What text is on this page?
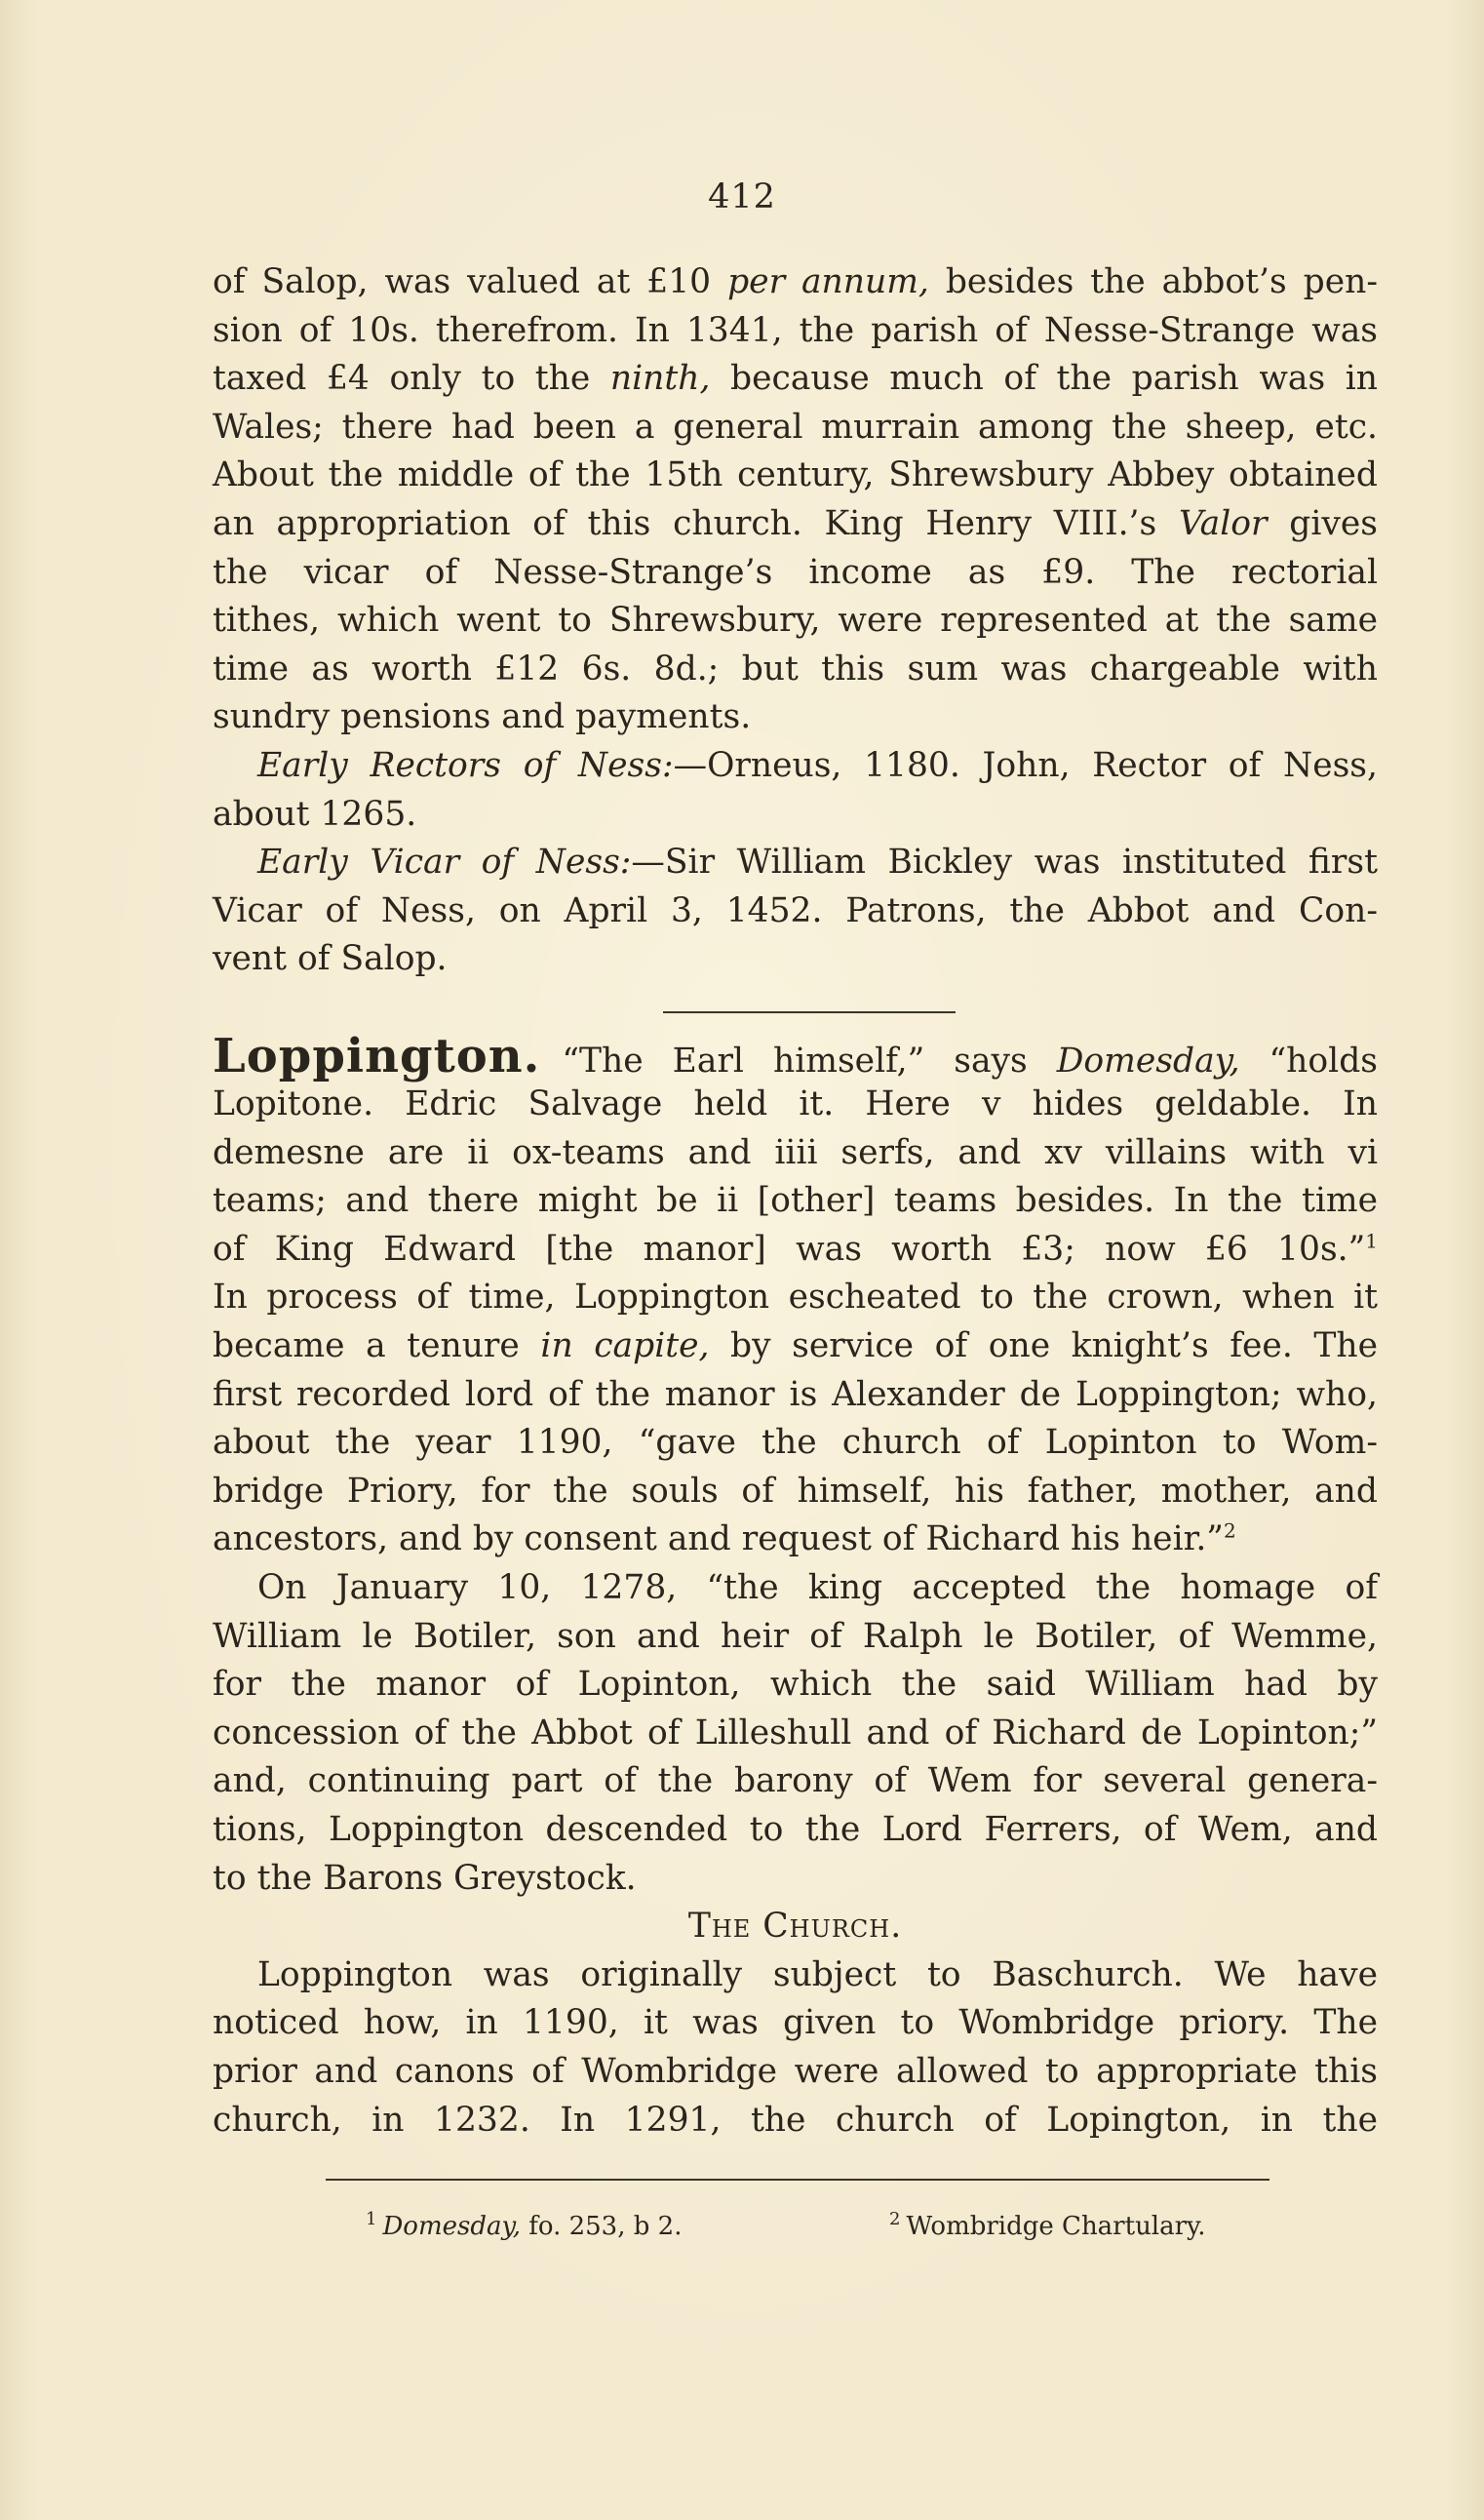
412
of Salop, was valued at £10 per annum, besides the abbot’s pen-
sion of 10s. therefrom. In 1341, the parish of Nesse-Strange was
taxed £4 only to the ninth, because much of the parish was in
Wales; there had been a general murrain among the sheep, etc.
About the middle of the 15th century, Shrewsbury Abbey obtained
an appropriation of this church. King Henry VIII.’s Valor gives
the vicar of Nesse-Strange’s income as £9. The rectorial
tithes, which went to Shrewsbury, were represented at the same
time as worth £12 6s. 8d.; but this sum was chargeable with
sundry pensions and payments.
Early Rectors of Ness:—Orneus, 1180. John, Rector of Ness,
about 1265.
Early Vicar of Ness:—Sir William Bickley was instituted first
Vicar of Ness, on April 3, 1452. Patrons, the Abbot and Con-
vent of Salop.
Loppington. “The Earl himself,” says Domesday, “holds
Lopitone. Edric Salvage held it. Here v hides geldable. In
demesne are ii ox-teams and iiii serfs, and xv villains with vi
teams; and there might be ii [other] teams besides. In the time
of King Edward [the manor] was worth £3; now £6 10s.”$^1$
In process of time, Loppington escheated to the crown, when it
became a tenure in capite, by service of one knight’s fee. The
first recorded lord of the manor is Alexander de Loppington; who,
about the year 1190, “gave the church of Lopinton to Wom-
bridge Priory, for the souls of himself, his father, mother, and
ancestors, and by consent and request of Richard his heir.”$^2$
On January 10, 1278, “the king accepted the homage of
William le Botiler, son and heir of Ralph le Botiler, of Wemme,
for the manor of Lopinton, which the said William had by
concession of the Abbot of Lilleshull and of Richard de Lopinton;”
and, continuing part of the barony of Wem for several genera-
tions, Loppington descended to the Lord Ferrers, of Wem, and
to the Barons Greystock.
The Church.
Loppington was originally subject to Baschurch. We have
noticed how, in 1190, it was given to Wombridge priory. The
prior and canons of Wombridge were allowed to appropriate this
church, in 1232. In 1291, the church of Lopington, in the
$^1$ Domesday, fo. 253, b 2.	$^2$ Wombridge Chartulary.
